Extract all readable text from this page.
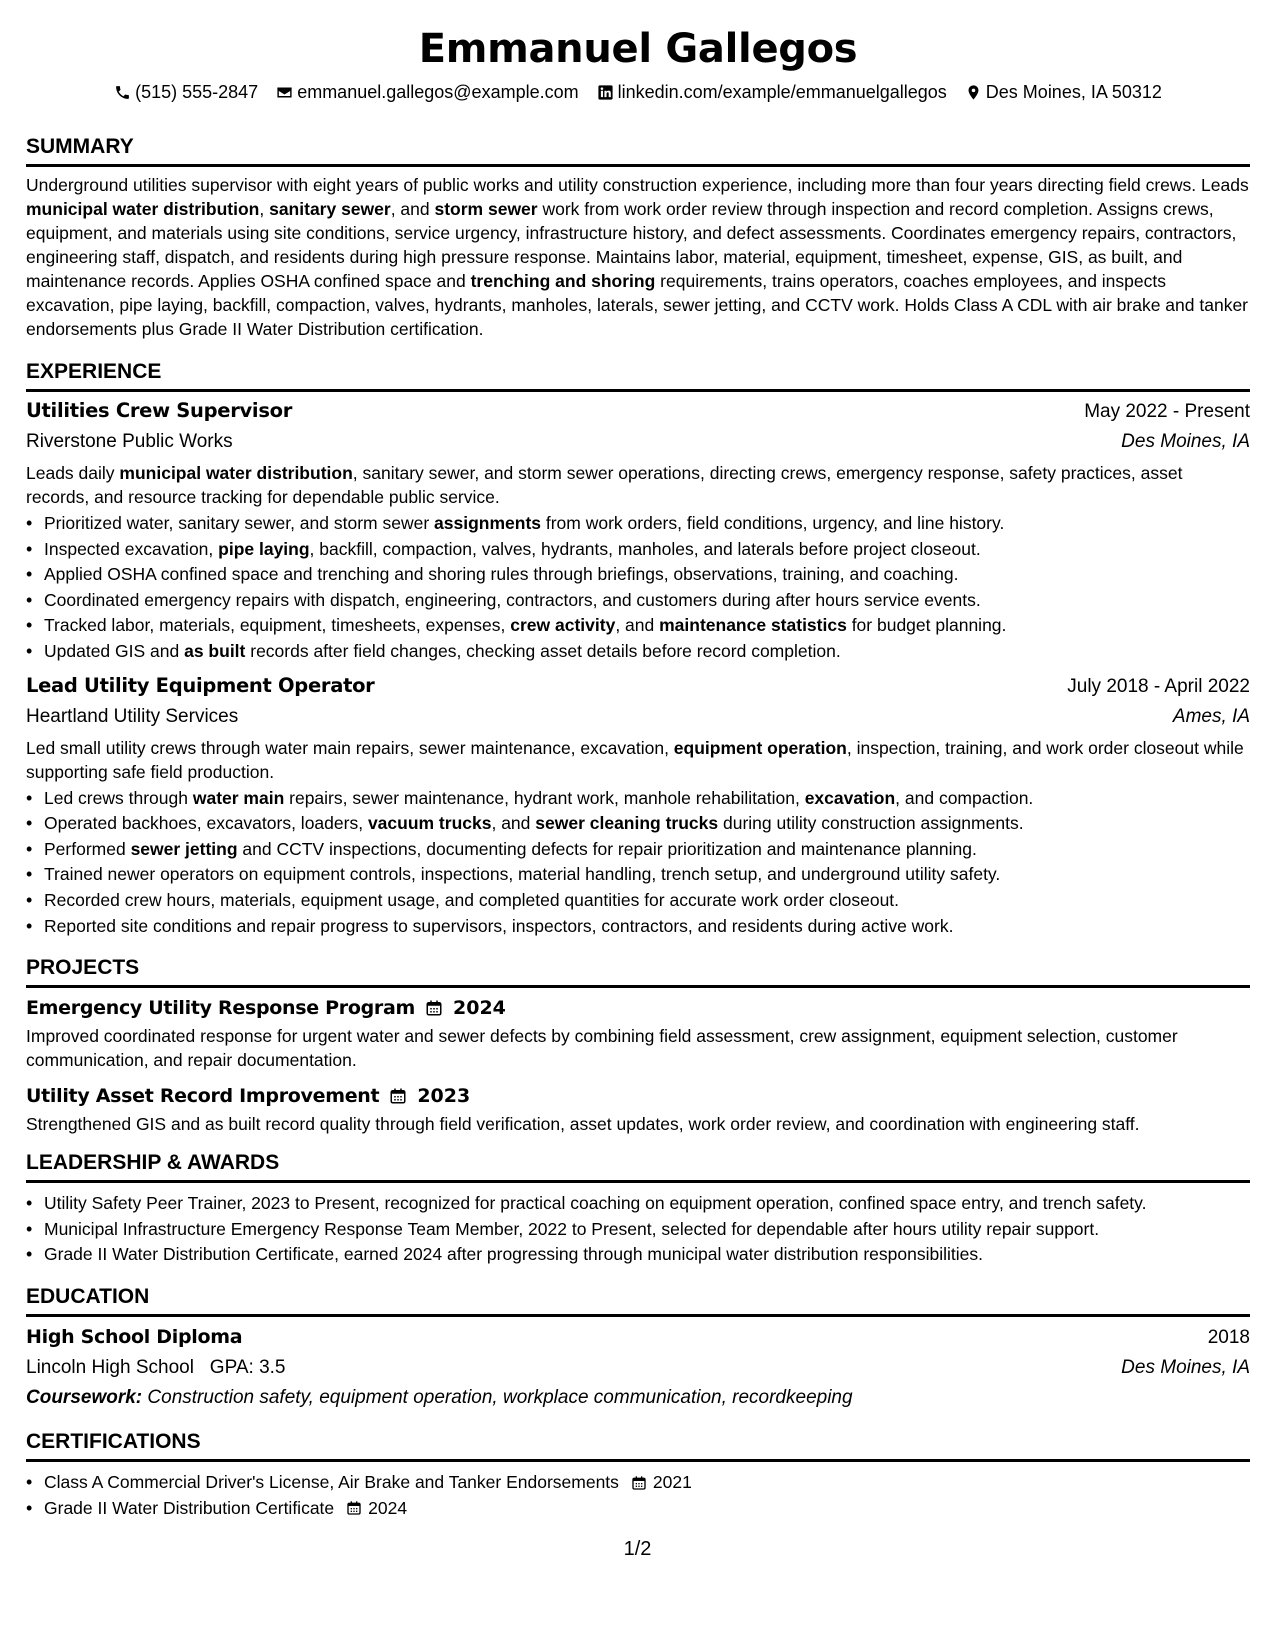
Emmanuel Gallegos
(515) 555-2847 emmanuel.gallegos@example.com linkedin.com/example/emmanuelgallegos Des Moines, IA 50312
SUMMARY

Underground utilities supervisor with eight years of public works and utility construction experience, including more than four years directing field crews. Leads municipal water distribution, sanitary sewer, and storm sewer work from work order review through inspection and record completion. Assigns crews, equipment, and materials using site conditions, service urgency, infrastructure history, and defect assessments. Coordinates emergency repairs, contractors, engineering staff, dispatch, and residents during high pressure response. Maintains labor, material, equipment, timesheet, expense, GIS, as built, and maintenance records. Applies OSHA confined space and trenching and shoring requirements, trains operators, coaches employees, and inspects excavation, pipe laying, backfill, compaction, valves, hydrants, manholes, laterals, sewer jetting, and CCTV work. Holds Class A CDL with air brake and tanker endorsements plus Grade II Water Distribution certification.

EXPERIENCE
Utilities Crew Supervisor	May 2022 - Present
Riverstone Public Works	Des Moines, IA

Leads daily municipal water distribution, sanitary sewer, and storm sewer operations, directing crews, emergency response, safety practices, asset records, and resource tracking for dependable public service.

• Prioritized water, sanitary sewer, and storm sewer assignments from work orders, field conditions, urgency, and line history.
• Inspected excavation, pipe laying, backfill, compaction, valves, hydrants, manholes, and laterals before project closeout.
• Applied OSHA confined space and trenching and shoring rules through briefings, observations, training, and coaching.
• Coordinated emergency repairs with dispatch, engineering, contractors, and customers during after hours service events.
• Tracked labor, materials, equipment, timesheets, expenses, crew activity, and maintenance statistics for budget planning.
• Updated GIS and as built records after field changes, checking asset details before record completion.
Lead Utility Equipment Operator	July 2018 - April 2022
Heartland Utility Services	Ames, IA

Led small utility crews through water main repairs, sewer maintenance, excavation, equipment operation, inspection, training, and work order closeout while supporting safe field production.

• Led crews through water main repairs, sewer maintenance, hydrant work, manhole rehabilitation, excavation, and compaction.
• Operated backhoes, excavators, loaders, vacuum trucks, and sewer cleaning trucks during utility construction assignments.
• Performed sewer jetting and CCTV inspections, documenting defects for repair prioritization and maintenance planning.
• Trained newer operators on equipment controls, inspections, material handling, trench setup, and underground utility safety.
• Recorded crew hours, materials, equipment usage, and completed quantities for accurate work order closeout.
• Reported site conditions and repair progress to supervisors, inspectors, contractors, and residents during active work.
PROJECTS
Emergency Utility Response Program 2024

Improved coordinated response for urgent water and sewer defects by combining field assessment, crew assignment, equipment selection, customer communication, and repair documentation.

Utility Asset Record Improvement 2023

Strengthened GIS and as built record quality through field verification, asset updates, work order review, and coordination with engineering staff.

LEADERSHIP & AWARDS
• Utility Safety Peer Trainer, 2023 to Present, recognized for practical coaching on equipment operation, confined space entry, and trench safety.
• Municipal Infrastructure Emergency Response Team Member, 2022 to Present, selected for dependable after hours utility repair support.
• Grade II Water Distribution Certificate, earned 2024 after progressing through municipal water distribution responsibilities.
EDUCATION
High School Diploma	2018
Lincoln High School GPA: 3.5	Des Moines, IA
Coursework: Construction safety, equipment operation, workplace communication, recordkeeping
CERTIFICATIONS
• Class A Commercial Driver's License, Air Brake and Tanker Endorsements 2021
• Grade II Water Distribution Certificate 2024
1/2
